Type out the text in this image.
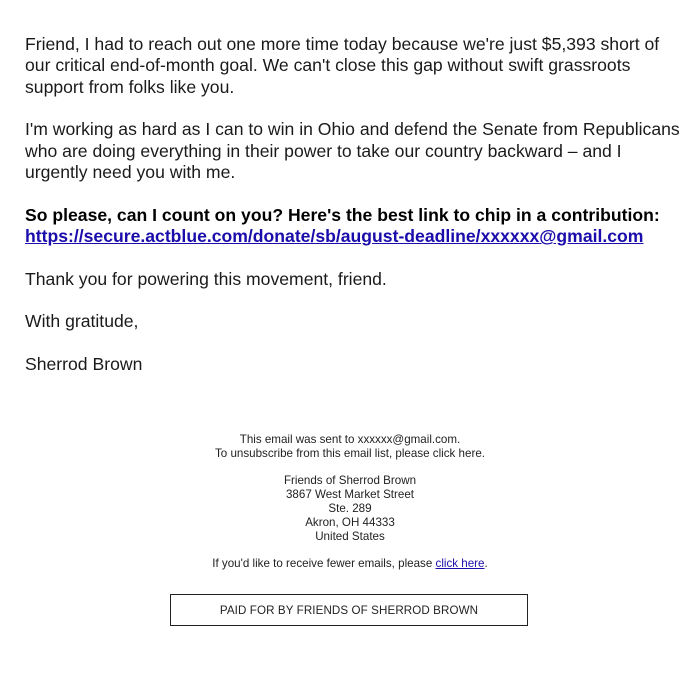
Friend, I had to reach out one more time today because we're just $5,393 short of our critical end-of-month goal. We can't close this gap without swift grassroots support from folks like you.

I'm working as hard as I can to win in Ohio and defend the Senate from Republicans who are doing everything in their power to take our country backward – and I urgently need you with me.

So please, can I count on you? Here's the best link to chip in a contribution:
https://secure.actblue.com/donate/sb/august-deadline/xxxxxx@gmail.com

Thank you for powering this movement, friend.

With gratitude,

Sherrod Brown

This email was sent to xxxxxx@gmail.com.

To unsubscribe from this email list, please click here.

Friends of Sherrod Brown

3867 West Market Street

Ste. 289

Akron, OH 44333

United States

If you'd like to receive fewer emails, please click here.

PAID FOR BY FRIENDS OF SHERROD BROWN
